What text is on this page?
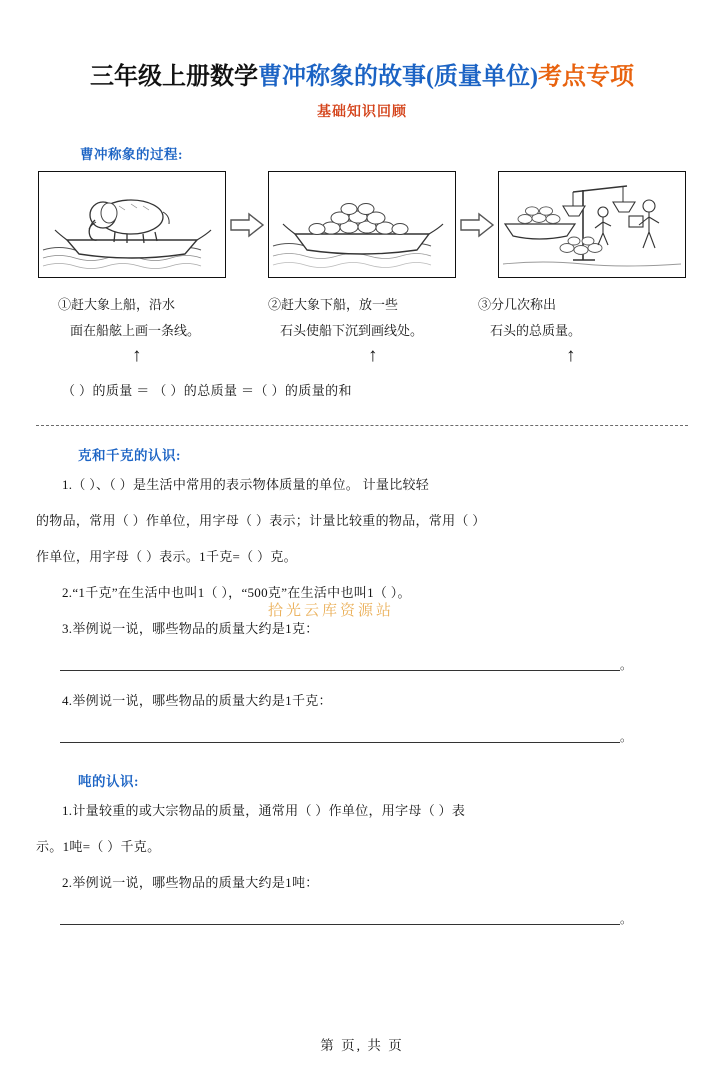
三年级上册数学曹冲称象的故事(质量单位)考点专项
基础知识回顾
曹冲称象的过程:
①赶大象上船，沿水
面在船舷上画一条线。
②赶大象下船，放一些
石头使船下沉到画线处。
③分几次称出
石头的总质量。
↑	↑	↑
（ ）的质量 ＝ （ ）的总质量 ＝（ ）的质量的和
克和千克的认识:

1.（ ）、（ ）是生活中常用的表示物体质量的单位。 计量比较轻

的物品，常用（ ）作单位，用字母（ ）表示；计量比较重的物品，常用（ ）

作单位，用字母（ ）表示。1千克=（ ）克。

2.“1千克”在生活中也叫1（ ），“500克”在生活中也叫1（ ）。

3.举例说一说，哪些物品的质量大约是1克：

。

4.举例说一说，哪些物品的质量大约是1千克：

。

吨的认识:

1.计量较重的或大宗物品的质量，通常用（ ）作单位，用字母（ ）表

示。1吨=（ ）千克。

2.举例说一说，哪些物品的质量大约是1吨：

。

拾光云库资源站
第 页, 共 页
